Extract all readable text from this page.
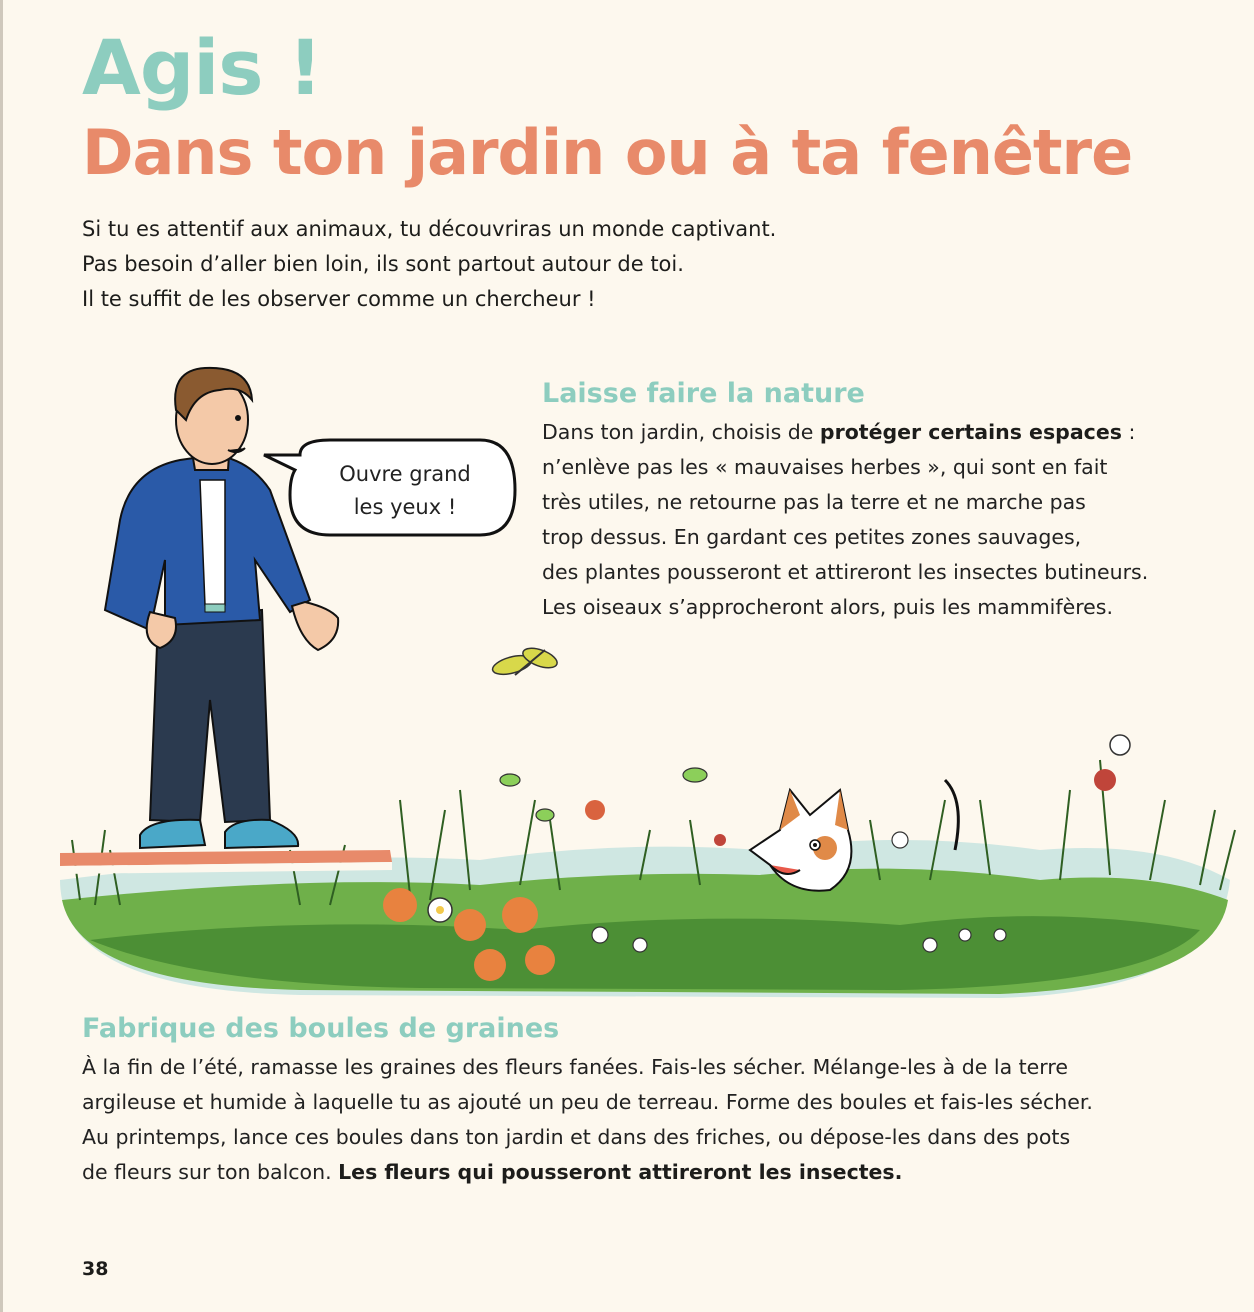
Agis !
Dans ton jardin ou à ta fenêtre

Si tu es attentif aux animaux, tu découvriras un monde captivant.
Pas besoin d’aller bien loin, ils sont partout autour de toi.
Il te suffit de les observer comme un chercheur !

Ouvre grand
les yeux !
Laisse faire la nature

Dans ton jardin, choisis de protéger certains espaces :
n’enlève pas les « mauvaises herbes », qui sont en fait
très utiles, ne retourne pas la terre et ne marche pas
trop dessus. En gardant ces petites zones sauvages,
des plantes pousseront et attireront les insectes butineurs.
Les oiseaux s’approcheront alors, puis les mammifères.

Fabrique des boules de graines

À la fin de l’été, ramasse les graines des fleurs fanées. Fais-les sécher. Mélange-les à de la terre
argileuse et humide à laquelle tu as ajouté un peu de terreau. Forme des boules et fais-les sécher.
Au printemps, lance ces boules dans ton jardin et dans des friches, ou dépose-les dans des pots
de fleurs sur ton balcon. Les fleurs qui pousseront attireront les insectes.

38
